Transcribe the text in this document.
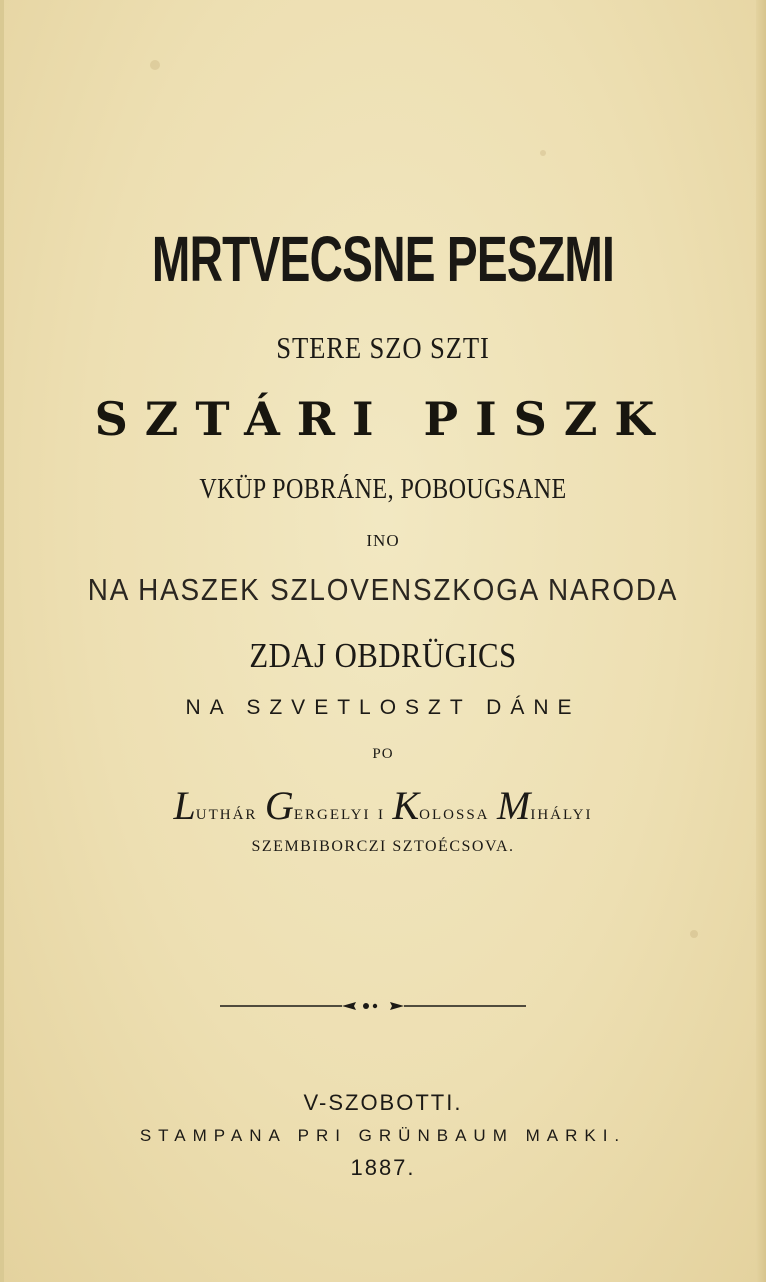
MRTVECSNE PESZMI
STERE SZO SZTI
SZTÁRI PISZK
VKÜP POBRÁNE, POBOUGSANE
INO
NA HASZEK SZLOVENSZKOGA NARODA
ZDAJ OBDRÜGICS
NA SZVETLOSZT DÁNE
PO
Luthár Gergelyi i Kolossa Mihályi
SZEMBIBORCZI SZTOÉCSOVA.
V-SZOBOTTI.
STAMPANA PRI GRÜNBAUM MARKI.
1887.
